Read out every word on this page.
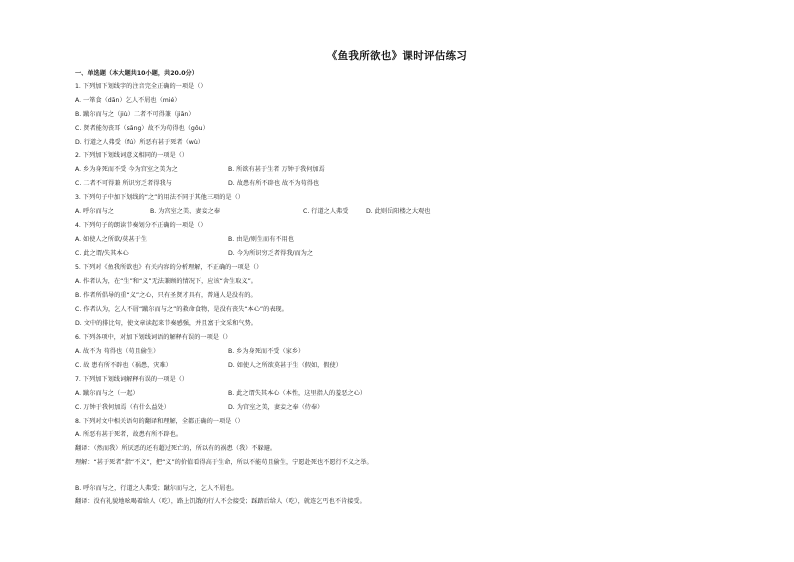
《鱼我所欲也》课时评估练习
一、单选题（本大题共10小题，共20.0分）
1. 下列加下划线字的注音完全正确的一项是（）
A. 一箪食（dān）乞人不屑也（mié）
B. 蹴尔而与之（jiù）二者不可得兼（jiān）
C. 贤者能勿丧耳（sāng）故不为苟得也（gǒu）
D. 行道之人弗受（fú）所恶有甚于死者（wù）
2. 下列加下划线词意义相同的一项是（）
A. 乡为身死而不受 今为宫室之美为之	B. 所欲有甚于生者 万钟于我何加焉
C. 二者不可得兼 所识穷乏者得我与	D. 故患有所不辟也 故不为苟得也
3. 下列句子中加下划线的“之”的用法不同于其他三项的是（）
A. 呼尔而与之	B. 为宫室之美、妻妾之奉	C. 行道之人弗受	D. 此则岳阳楼之大观也
4. 下列句子的朗读节奏划分不正确的一项是（）
A. 如使人之所欲/莫甚于生	B. 由是/则生而有不用也
C. 此之谓/失其本心	D. 今为所识穷乏者得我/而为之
5. 下列对《鱼我所欲也》有关内容的分析理解，不正确的一项是（）
A. 作者认为，在“生”和“义”无法兼顾的情况下，应该“舍生取义”。
B. 作者所倡导的重“义”之心，只有圣贤才具有，普通人是没有的。
C. 作者认为，乞人不屑“蹴尔而与之”的救命食物，是没有丧失“本心”的表现。
D. 文中的排比句，使文章读起来节奏感强，并且富于文采和气势。
6. 下列各项中，对加下划线词语的解释有误的一项是（）
A. 故不为 苟得也（苟且偷生）	B. 乡为身死而不受（家乡）
C. 故 患有所不辟也（祸患，灾难）	D. 如使人之所欲莫甚于生（假如，假使）
7. 下列加下划线词解释有误的一项是（）
A. 蹴尔而与之（一起）	B. 此之谓失其本心（本性，这里指人的羞恶之心）
C. 万钟于我何加焉（有什么益处）	D. 为宫室之美，妻妾之奉（侍奉）
8. 下列对文中相关语句的翻译和理解，全都正确的一项是（）
A. 所恶有甚于死者，故患有所不辟也。
翻译：（然而我）所厌恶的还有超过死亡的，所以有的祸患（我）不躲避。
理解：“甚于死者”指“不义”，把“义”的价值看得高于生命，所以不能苟且偷生，宁愿赴死也不愿行不义之举。
B. 呼尔而与之，行道之人弗受；蹴尔而与之，乞人不屑也。
翻译：没有礼貌地吆喝着给人（吃），路上饥饿的行人不会接受；踩踏后给人（吃），就连乞丐也不肯接受。
